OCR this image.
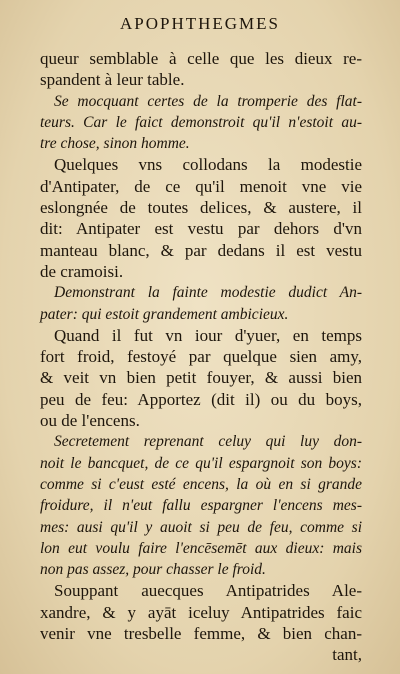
APOPHTHEGMES
queur semblable à celle que les dieux re-
spandent à leur table.
Se mocquant certes de la tromperie des flat-
teurs. Car le faict demonstroit qu'il n'estoit au-
tre chose, sinon homme.
Quelques vns collodans la modestie
d'Antipater, de ce qu'il menoit vne vie
eslongnée de toutes delices, & austere, il
dit: Antipater est vestu par dehors d'vn
manteau blanc, & par dedans il est vestu
de cramoisi.
Demonstrant la fainte modestie dudict An-
pater: qui estoit grandement ambicieux.
Quand il fut vn iour d'yuer, en temps
fort froid, festoyé par quelque sien amy,
& veit vn bien petit fouyer, & aussi bien
peu de feu: Apportez (dit il) ou du boys,
ou de l'encens.
Secretement reprenant celuy qui luy don-
noit le bancquet, de ce qu'il espargnoit son boys:
comme si c'eust esté encens, la où en si grande
froidure, il n'eut fallu espargner l'encens mes-
mes: ausi qu'il y auoit si peu de feu, comme si
lon eut voulu faire l'encēsemēt aux dieux: mais
non pas assez, pour chasser le froid.
Souppant auecques Antipatrides Ale-
xandre, & y ayāt iceluy Antipatrides faic
venir vne tresbelle femme, & bien chan-
tant,
